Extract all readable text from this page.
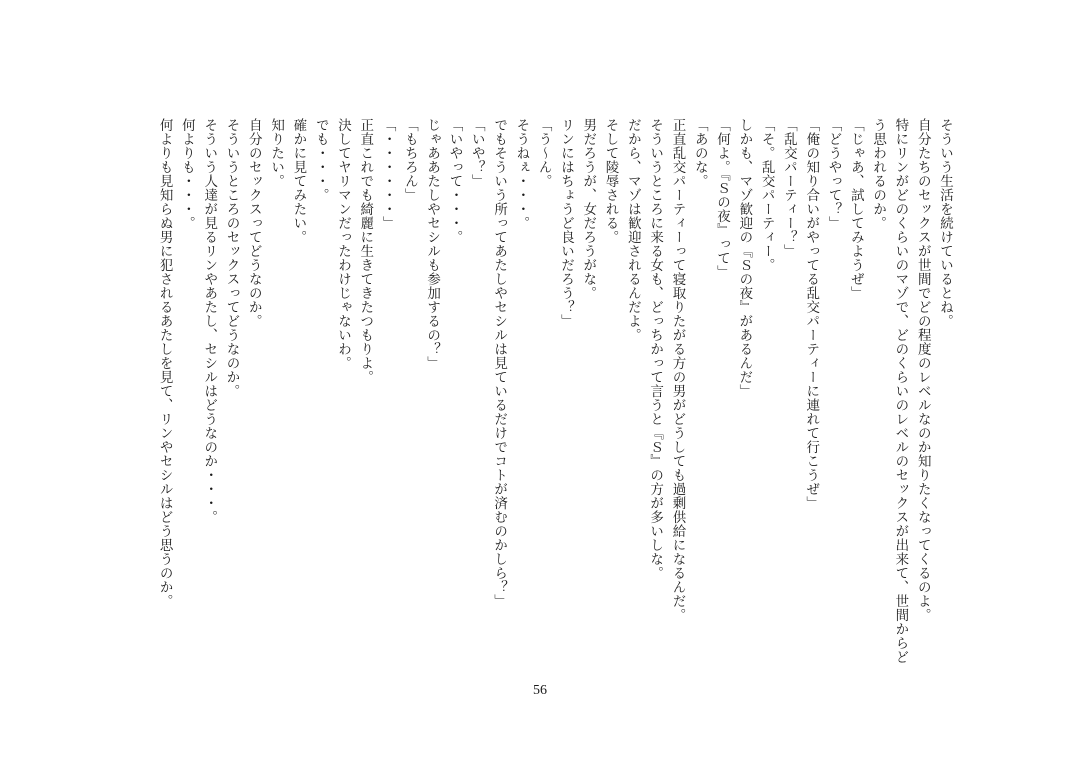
そういう生活を続けているとね。
自分たちのセックスが世間でどの程度のレベルなのか知りたくなってくるのよ。
特にリンがどのくらいのマゾで、どのくらいのレベルのセックスが出来て、世間からど
う思われるのか。
「じゃあ、試してみようぜ」
「どうやって？」
「俺の知り合いがやってる乱交パーティーに連れて行こうぜ」
「乱交パーティー？」
「そ。乱交パーティー。
しかも、マゾ歓迎の『Ｓの夜』があるんだ」
「何よ。『Ｓの夜』って」
「あのな。
正直乱交パーティーって寝取りたがる方の男がどうしても過剰供給になるんだ。
そういうところに来る女も、どっちかって言うと『Ｓ』の方が多いしな。
だから、マゾは歓迎されるんだよ。
そして陵辱される。
男だろうが、女だろうがな。
リンにはちょうど良いだろう？」
「う～ん。
そうねぇ・・・。
でもそういう所ってあたしやセシルは見ているだけでコトが済むのかしら？」
「いや？」
「いやって・・・。
じゃああたしやセシルも参加するの？」
「もちろん」
「・・・・・・」
正直これでも綺麗に生きてきたつもりよ。
決してヤリマンだったわけじゃないわ。
でも・・・。
確かに見てみたい。
知りたい。
自分のセックスってどうなのか。
そういうところのセックスってどうなのか。
そういう人達が見るリンやあたし、セシルはどうなのか・・・。
何よりも・・・。
何よりも見知らぬ男に犯されるあたしを見て、リンやセシルはどう思うのか。
56
